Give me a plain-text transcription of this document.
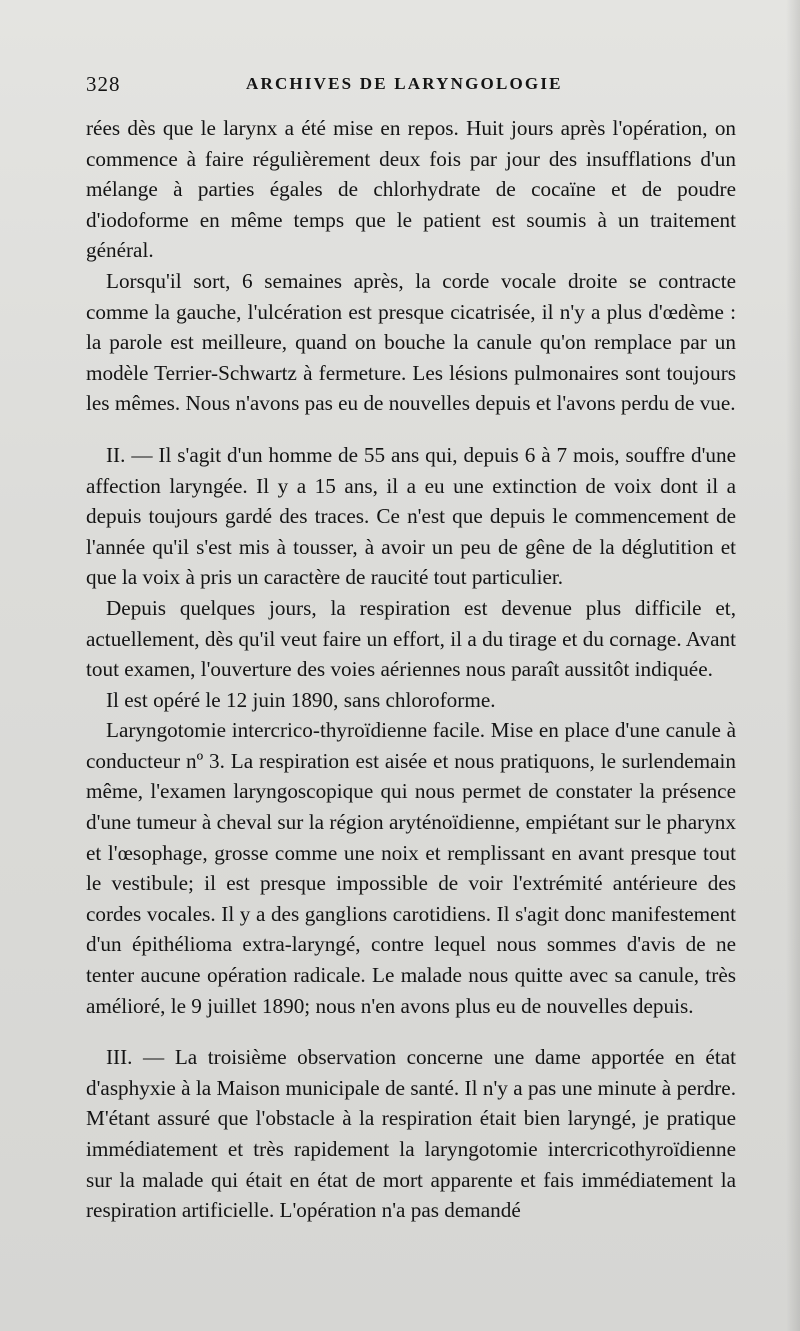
328	ARCHIVES DE LARYNGOLOGIE

rées dès que le larynx a été mise en repos. Huit jours après l'opération, on commence à faire régulièrement deux fois par jour des insufflations d'un mélange à parties égales de chlorhydrate de cocaïne et de poudre d'iodoforme en même temps que le patient est soumis à un traitement général.

Lorsqu'il sort, 6 semaines après, la corde vocale droite se contracte comme la gauche, l'ulcération est presque cicatrisée, il n'y a plus d'œdème : la parole est meilleure, quand on bouche la canule qu'on remplace par un modèle Terrier-Schwartz à fermeture. Les lésions pulmonaires sont toujours les mêmes. Nous n'avons pas eu de nouvelles depuis et l'avons perdu de vue.

II. — Il s'agit d'un homme de 55 ans qui, depuis 6 à 7 mois, souffre d'une affection laryngée. Il y a 15 ans, il a eu une extinction de voix dont il a depuis toujours gardé des traces. Ce n'est que depuis le commencement de l'année qu'il s'est mis à tousser, à avoir un peu de gêne de la déglutition et que la voix à pris un caractère de raucité tout particulier.

Depuis quelques jours, la respiration est devenue plus difficile et, actuellement, dès qu'il veut faire un effort, il a du tirage et du cornage. Avant tout examen, l'ouverture des voies aériennes nous paraît aussitôt indiquée.

Il est opéré le 12 juin 1890, sans chloroforme.

Laryngotomie intercrico-thyroïdienne facile. Mise en place d'une canule à conducteur nº 3. La respiration est aisée et nous pratiquons, le surlendemain même, l'examen laryngoscopique qui nous permet de constater la présence d'une tumeur à cheval sur la région aryténoïdienne, empiétant sur le pharynx et l'œsophage, grosse comme une noix et remplissant en avant presque tout le vestibule; il est presque impossible de voir l'extrémité antérieure des cordes vocales. Il y a des ganglions carotidiens. Il s'agit donc manifestement d'un épithélioma extra-laryngé, contre lequel nous sommes d'avis de ne tenter aucune opération radicale. Le malade nous quitte avec sa canule, très amélioré, le 9 juillet 1890; nous n'en avons plus eu de nouvelles depuis.

III. — La troisième observation concerne une dame apportée en état d'asphyxie à la Maison municipale de santé. Il n'y a pas une minute à perdre. M'étant assuré que l'obstacle à la respiration était bien laryngé, je pratique immédiatement et très rapidement la laryngotomie intercricothyroïdienne sur la malade qui était en état de mort apparente et fais immédiatement la respiration artificielle. L'opération n'a pas demandé
